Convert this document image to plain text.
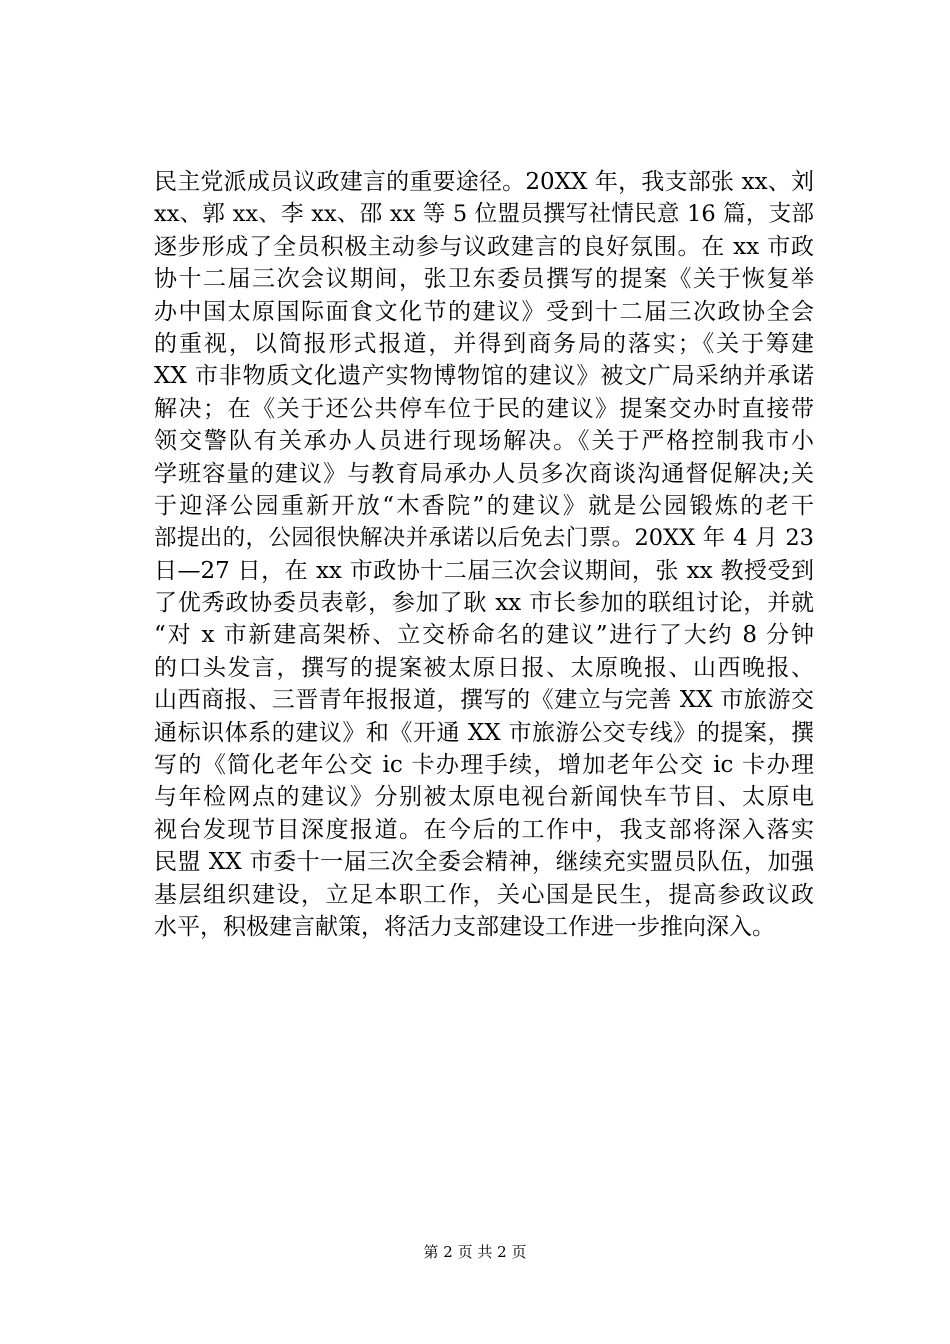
民主党派成员议政建言的重要途径。20XX 年，我支部张 xx、刘
xx、郭 xx、李 xx、邵 xx 等 5 位盟员撰写社情民意 16 篇，支部
逐步形成了全员积极主动参与议政建言的良好氛围。在 xx 市政
协十二届三次会议期间，张卫东委员撰写的提案《关于恢复举
办中国太原国际面食文化节的建议》受到十二届三次政协全会
的重视，以简报形式报道，并得到商务局的落实；《关于筹建
XX 市非物质文化遗产实物博物馆的建议》被文广局采纳并承诺
解决；在《关于还公共停车位于民的建议》提案交办时直接带
领交警队有关承办人员进行现场解决。《关于严格控制我市小
学班容量的建议》与教育局承办人员多次商谈沟通督促解决;关
于迎泽公园重新开放“木香院”的建议》就是公园锻炼的老干
部提出的，公园很快解决并承诺以后免去门票。20XX 年 4 月 23
日—27 日，在 xx 市政协十二届三次会议期间，张 xx 教授受到
了优秀政协委员表彰，参加了耿 xx 市长参加的联组讨论，并就
“对 x 市新建高架桥、立交桥命名的建议”进行了大约 8 分钟
的口头发言，撰写的提案被太原日报、太原晚报、山西晚报、
山西商报、三晋青年报报道，撰写的《建立与完善 XX 市旅游交
通标识体系的建议》和《开通 XX 市旅游公交专线》的提案，撰
写的《简化老年公交 ic 卡办理手续，增加老年公交 ic 卡办理
与年检网点的建议》分别被太原电视台新闻快车节目、太原电
视台发现节目深度报道。在今后的工作中，我支部将深入落实
民盟 XX 市委十一届三次全委会精神，继续充实盟员队伍，加强
基层组织建设，立足本职工作，关心国是民生，提高参政议政
水平，积极建言献策，将活力支部建设工作进一步推向深入。
第 2 页 共 2 页
